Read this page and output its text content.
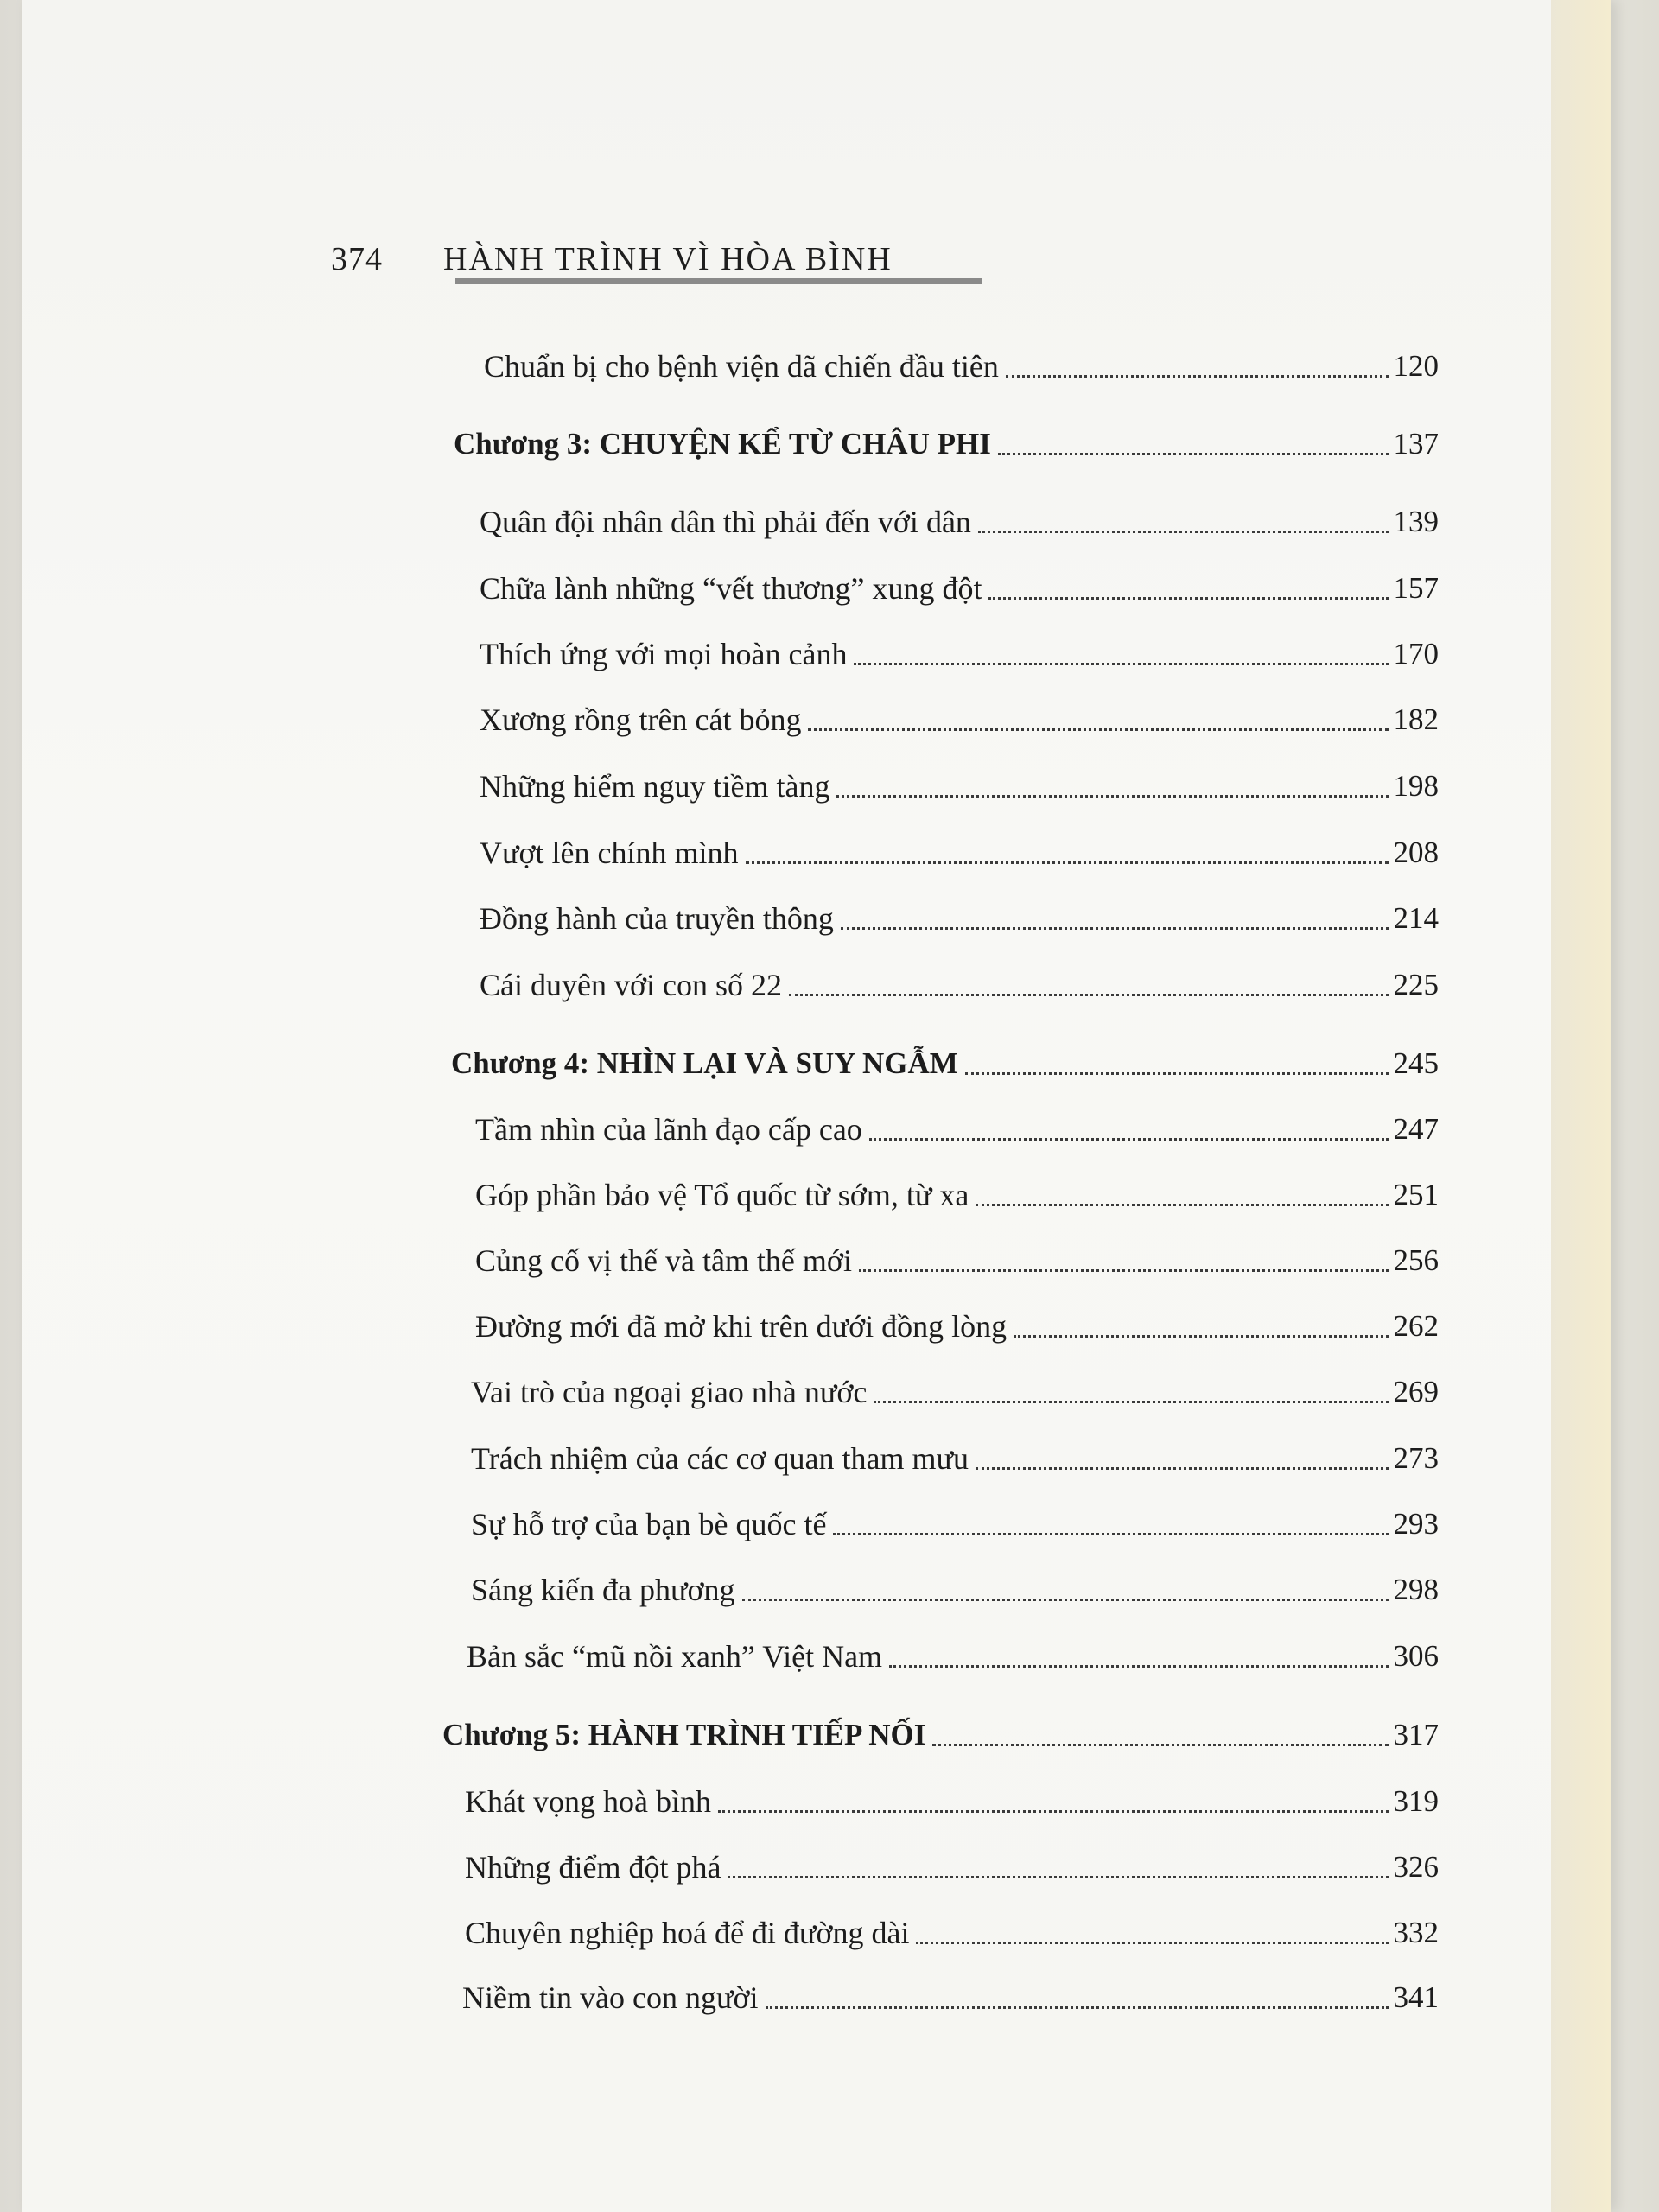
374 HÀNH TRÌNH VÌ HÒA BÌNH
Chuẩn bị cho bệnh viện dã chiến đầu tiên	120
Chương 3: CHUYỆN KỂ TỪ CHÂU PHI	137
Quân đội nhân dân thì phải đến với dân	139
Chữa lành những “vết thương” xung đột	157
Thích ứng với mọi hoàn cảnh	170
Xương rồng trên cát bỏng	182
Những hiểm nguy tiềm tàng	198
Vượt lên chính mình	208
Đồng hành của truyền thông	214
Cái duyên với con số 22	225
Chương 4: NHÌN LẠI VÀ SUY NGẪM	245
Tầm nhìn của lãnh đạo cấp cao	247
Góp phần bảo vệ Tổ quốc từ sớm, từ xa	251
Củng cố vị thế và tâm thế mới	256
Đường mới đã mở khi trên dưới đồng lòng	262
Vai trò của ngoại giao nhà nước	269
Trách nhiệm của các cơ quan tham mưu	273
Sự hỗ trợ của bạn bè quốc tế	293
Sáng kiến đa phương	298
Bản sắc “mũ nồi xanh” Việt Nam	306
Chương 5: HÀNH TRÌNH TIẾP NỐI	317
Khát vọng hoà bình	319
Những điểm đột phá	326
Chuyên nghiệp hoá để đi đường dài	332
Niềm tin vào con người	341
